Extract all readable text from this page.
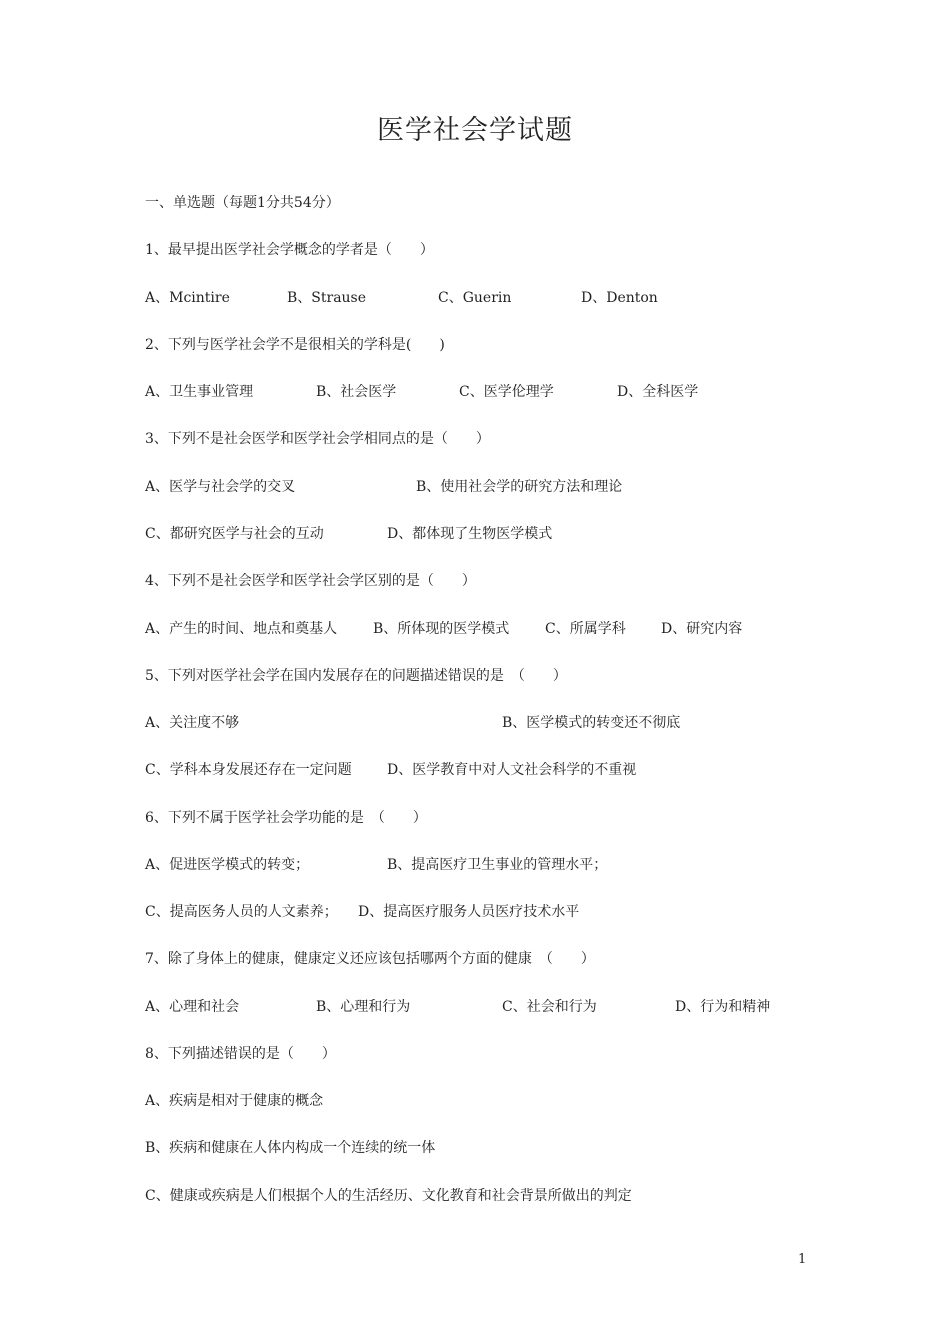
医学社会学试题
一、单选题（每题1分共54分）
1、最早提出医学社会学概念的学者是（　　）
A、Mcintire	B、Strause	C、Guerin	D、Denton
2、下列与医学社会学不是很相关的学科是(　　)
A、卫生事业管理	B、社会医学	C、医学伦理学	D、全科医学
3、下列不是社会医学和医学社会学相同点的是（　　）
A、医学与社会学的交叉	B、使用社会学的研究方法和理论
C、都研究医学与社会的互动	D、都体现了生物医学模式
4、下列不是社会医学和医学社会学区别的是（　　）
A、产生的时间、地点和奠基人	B、所体现的医学模式	C、所属学科	D、研究内容
5、下列对医学社会学在国内发展存在的问题描述错误的是　（　　）
A、关注度不够	B、医学模式的转变还不彻底
C、学科本身发展还存在一定问题	D、医学教育中对人文社会科学的不重视
6、下列不属于医学社会学功能的是　（　　）
A、促进医学模式的转变；	B、提高医疗卫生事业的管理水平；
C、提高医务人员的人文素养； D、提高医疗服务人员医疗技术水平
7、除了身体上的健康，健康定义还应该包括哪两个方面的健康　（　　）
A、心理和社会	B、心理和行为	C、社会和行为	D、行为和精神
8、下列描述错误的是（　　）
A、疾病是相对于健康的概念
B、疾病和健康在人体内构成一个连续的统一体
C、健康或疾病是人们根据个人的生活经历、文化教育和社会背景所做出的判定
1
